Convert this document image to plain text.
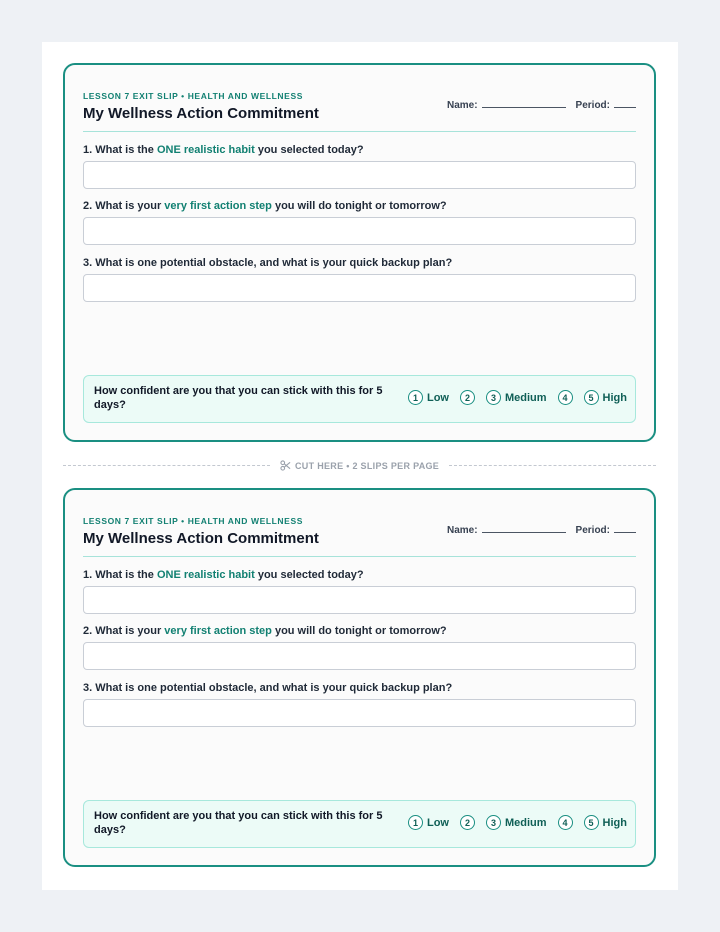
LESSON 7 EXIT SLIP • HEALTH AND WELLNESS
My Wellness Action Commitment	Name:	Period:
1. What is the ONE realistic habit you selected today?
2. What is your very first action step you will do tonight or tomorrow?
3. What is one potential obstacle, and what is your quick backup plan?
How confident are you that you can stick with this for 5 days?
1 Low	2	3 Medium	4	5 High
CUT HERE • 2 SLIPS PER PAGE
LESSON 7 EXIT SLIP • HEALTH AND WELLNESS
My Wellness Action Commitment	Name:	Period:
1. What is the ONE realistic habit you selected today?
2. What is your very first action step you will do tonight or tomorrow?
3. What is one potential obstacle, and what is your quick backup plan?
How confident are you that you can stick with this for 5 days?
1 Low	2	3 Medium	4	5 High
